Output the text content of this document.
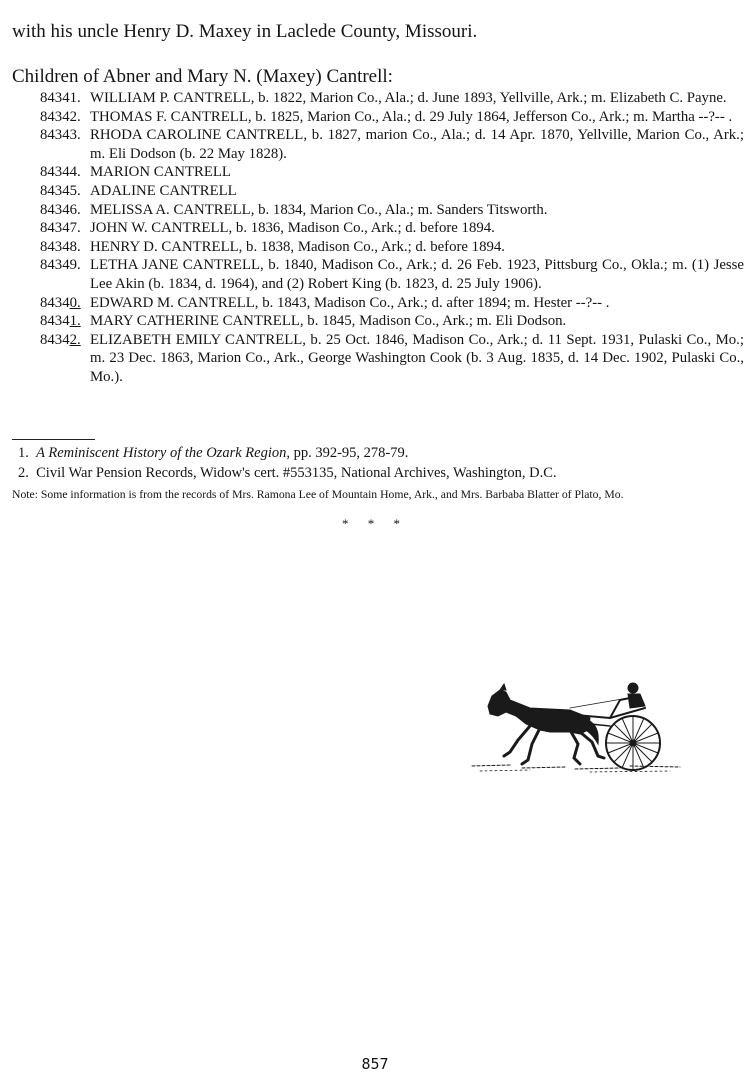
with his uncle Henry D. Maxey in Laclede County, Missouri.
Children of Abner and Mary N. (Maxey) Cantrell:
84341. WILLIAM P. CANTRELL, b. 1822, Marion Co., Ala.; d. June 1893, Yellville, Ark.; m. Elizabeth C. Payne.
84342. THOMAS F. CANTRELL, b. 1825, Marion Co., Ala.; d. 29 July 1864, Jefferson Co., Ark.; m. Martha --?-- .
84343. RHODA CAROLINE CANTRELL, b. 1827, marion Co., Ala.; d. 14 Apr. 1870, Yellville, Marion Co., Ark.; m. Eli Dodson (b. 22 May 1828).
84344. MARION CANTRELL
84345. ADALINE CANTRELL
84346. MELISSA A. CANTRELL, b. 1834, Marion Co., Ala.; m. Sanders Titsworth.
84347. JOHN W. CANTRELL, b. 1836, Madison Co., Ark.; d. before 1894.
84348. HENRY D. CANTRELL, b. 1838, Madison Co., Ark.; d. before 1894.
84349. LETHA JANE CANTRELL, b. 1840, Madison Co., Ark.; d. 26 Feb. 1923, Pittsburg Co., Okla.; m. (1) Jesse Lee Akin (b. 1834, d. 1964), and (2) Robert King (b. 1823, d. 25 July 1906).
84340. EDWARD M. CANTRELL, b. 1843, Madison Co., Ark.; d. after 1894; m. Hester --?-- .
84341. MARY CATHERINE CANTRELL, b. 1845, Madison Co., Ark.; m. Eli Dodson.
84342. ELIZABETH EMILY CANTRELL, b. 25 Oct. 1846, Madison Co., Ark.; d. 11 Sept. 1931, Pulaski Co., Mo.; m. 23 Dec. 1863, Marion Co., Ark., George Washington Cook (b. 3 Aug. 1835, d. 14 Dec. 1902, Pulaski Co., Mo.).
1. A Reminiscent History of the Ozark Region, pp. 392-95, 278-79.
2. Civil War Pension Records, Widow's cert. #553135, National Archives, Washington, D.C.
Note: Some information is from the records of Mrs. Ramona Lee of Mountain Home, Ark., and Mrs. Barbaba Blatter of Plato, Mo.
* * *
857
